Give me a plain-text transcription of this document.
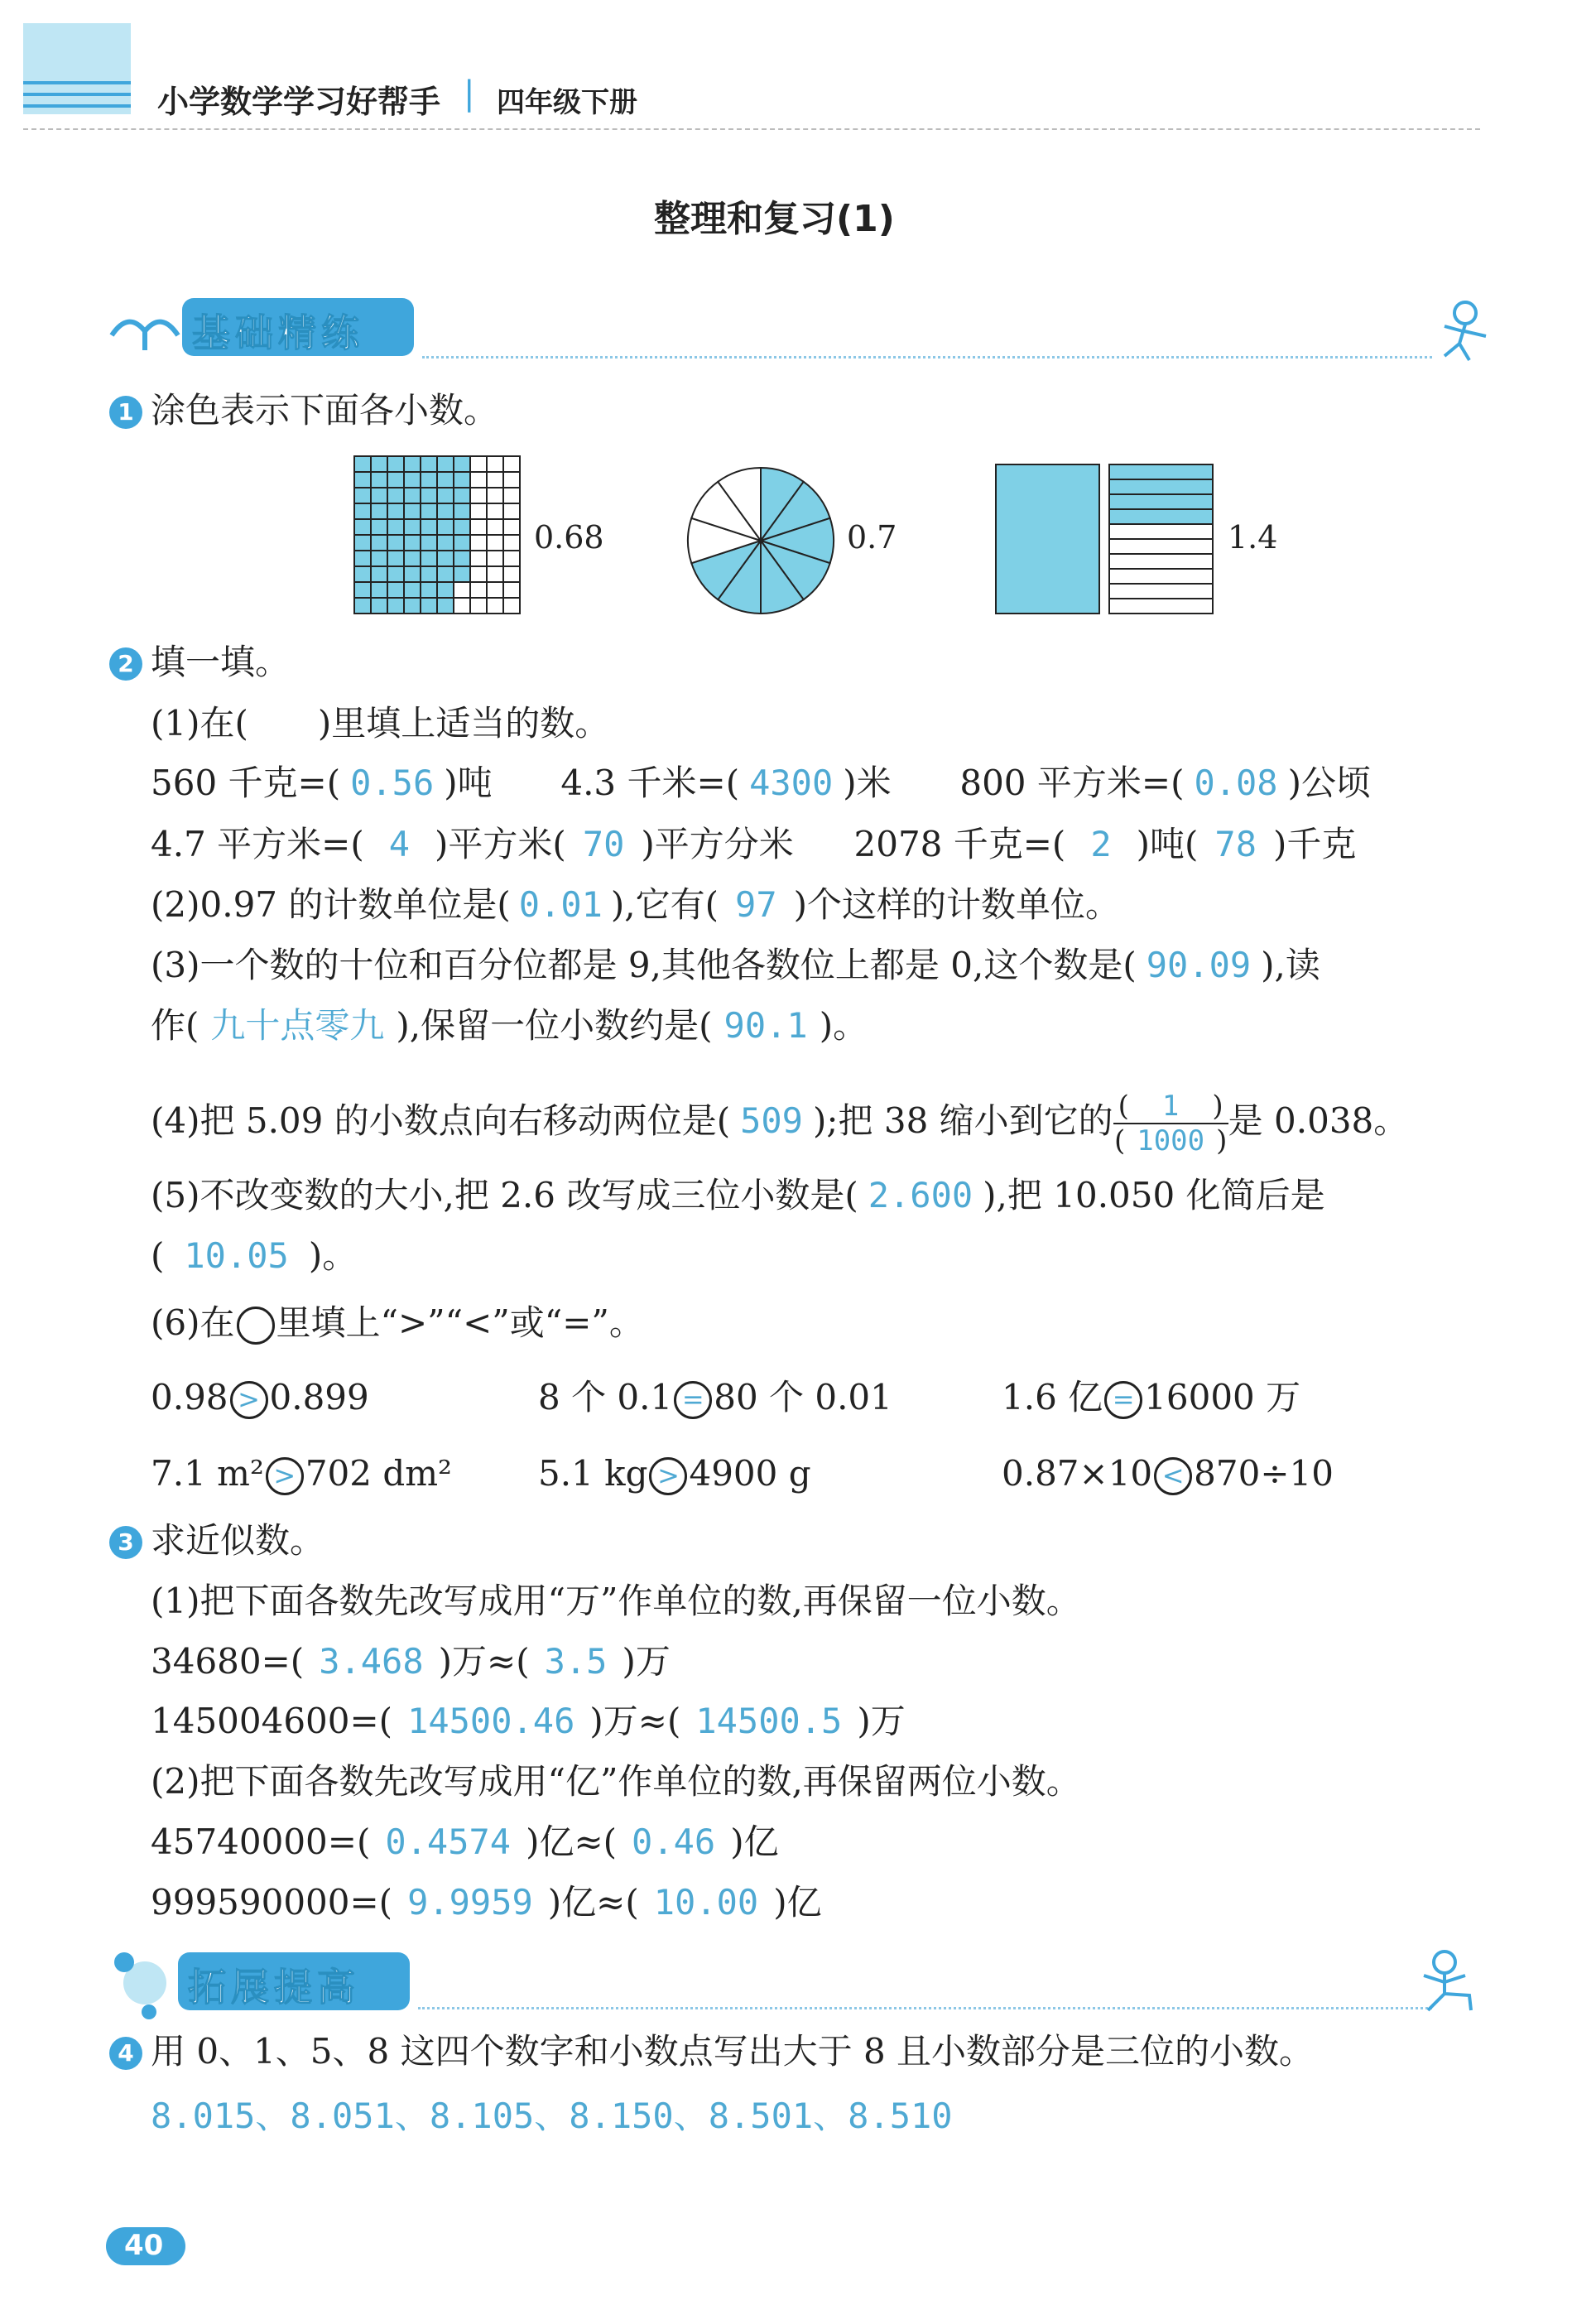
小学数学学习好帮手 | 四年级下册
整理和复习(1)
基础精练
1 涂色表示下面各小数。
0.68	0.7	1.4
2 填一填。
(1)在(　　)里填上适当的数。
560 千克=( 0.56 )吨 4.3 千米=( 4300 )米 800 平方米=( 0.08 )公顷
4.7 平方米=( 4 )平方米( 70 )平方分米 2078 千克=( 2 )吨( 78 )千克
(2)0.97 的计数单位是( 0.01 ),它有( 97 )个这样的计数单位。
(3)一个数的十位和百分位都是 9,其他各数位上都是 0,这个数是( 90.09 ),读
作( 九十点零九 ),保留一位小数约是( 90.1 )。
(4)把 5.09 的小数点向右移动两位是( 509 );把 38 缩小到它的 $\frac{( 1 )}{( 1000 )}$ 是 0.038。
(5)不改变数的大小,把 2.6 改写成三位小数是( 2.600 ),把 10.050 化简后是
( 10.05 )。
(6)在 里填上“>”“<”或“=”。
0.98 > 0.899	8 个 0.1 = 80 个 0.01	1.6 亿 = 16000 万
7.1 m² > 702 dm² 5.1 kg > 4900 g	0.87×10 < 870÷10
3 求近似数。
(1)把下面各数先改写成用“万”作单位的数,再保留一位小数。
34680=( 3.468 )万≈( 3.5 )万
145004600=( 14500.46 )万≈( 14500.5 )万
(2)把下面各数先改写成用“亿”作单位的数,再保留两位小数。
45740000=( 0.4574 )亿≈( 0.46 )亿
999590000=( 9.9959 )亿≈( 10.00 )亿
拓展提高
4 用 0、1、5、8 这四个数字和小数点写出大于 8 且小数部分是三位的小数。
8.015、8.051、8.105、8.150、8.501、8.510
40
